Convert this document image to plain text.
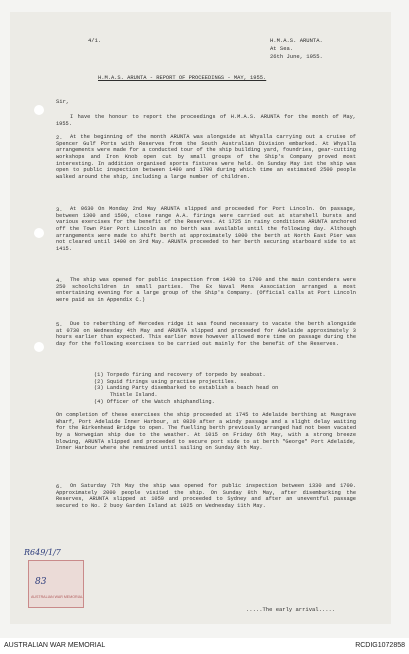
4/1.	H.M.A.S. ARUNTA.
At Sea.
26th June, 1955.
H.M.A.S. ARUNTA - REPORT OF PROCEEDINGS - MAY, 1955.
Sir,
I have the honour to report the proceedings of H.M.A.S. ARUNTA for the month of May, 1955.
2.	At the beginning of the month ARUNTA was alongside at Whyalla carrying out a cruise of Spencer Gulf Ports with Reserves from the South Australian Division embarked. At Whyalla arrangements were made for a conducted tour of the ship building yard, foundries, gear-cutting workshops and Iron Knob open cut by small groups of the Ship's Company proved most interesting. In addition organised sports fixtures were held. On Sunday May 1st the ship was open to public inspection between 1400 and 1700 during which time an estimated 2500 people walked around the ship, including a large number of children.
3.	At 0630 On Monday 2nd May ARUNTA slipped and proceeded for Port Lincoln. On passage, between 1300 and 1500, close range A.A. firings were carried out at starshell bursts and various exercises for the benefit of the Reserves. At 1725 in rainy conditions ARUNTA anchored off the Town Pier Port Lincoln as no berth was available until the following day. Although arrangements were made to shift berth at approximately 1000 the berth at North East Pier was not cleared until 1400 on 3rd May. ARUNTA proceeded to her berth securing starboard side to at 1415.
4.	The ship was opened for public inspection from 1430 to 1700 and the main contenders were 250 schoolchildren in small parties. The Ex Naval Mens Association arranged a most entertaining evening for a large group of the Ship's Company. (Official calls at Port Lincoln were paid as in Appendix C.)
5.	Due to reberthing of Mercedes ridge it was found necessary to vacate the berth alongside at 0730 on Wednesday 4th May and ARUNTA slipped and proceeded for Adelaide approximately 3 hours earlier than expected. This earlier move however allowed more time on passage during the day for the following exercises to be carried out mainly for the benefit of the Reserves.
(1) Torpedo firing and recovery of torpedo by seaboat.
(2) Squid firings using practise projectiles.
(3) Landing Party disembarked to establish a beach head on
Thistle Island.
(4) Officer of the Watch shiphandling.
On completion of these exercises the ship proceeded at 1745 to Adelaide berthing at Musgrave Wharf, Port Adelaide Inner Harbour, at 0820 after a windy passage and a slight delay waiting for the Birkenhead Bridge to open. The fuelling berth previously arranged had not been vacated by a Norwegian ship due to the weather. At 1015 on Friday 6th May, with a strong breeze blowing, ARUNTA slipped and proceeded to secure port side to at berth "George" Port Adelaide, Inner Harbour where she remained until sailing on Sunday 8th May.
6.	On Saturday 7th May the ship was opened for public inspection between 1330 and 1700. Approximately 2000 people visited the ship. On Sunday 8th May, after disembarking the Reserves, ARUNTA slipped at 1050 and proceeded to Sydney and after an uneventful passage secured to No. 2 buoy Garden Island at 1025 on Wednesday 11th May.
.....The early arrival.....
R649/1/7
83
AUSTRALIAN WAR MEMORIAL
AUSTRALIAN WAR MEMORIAL	RCDIG1072858
